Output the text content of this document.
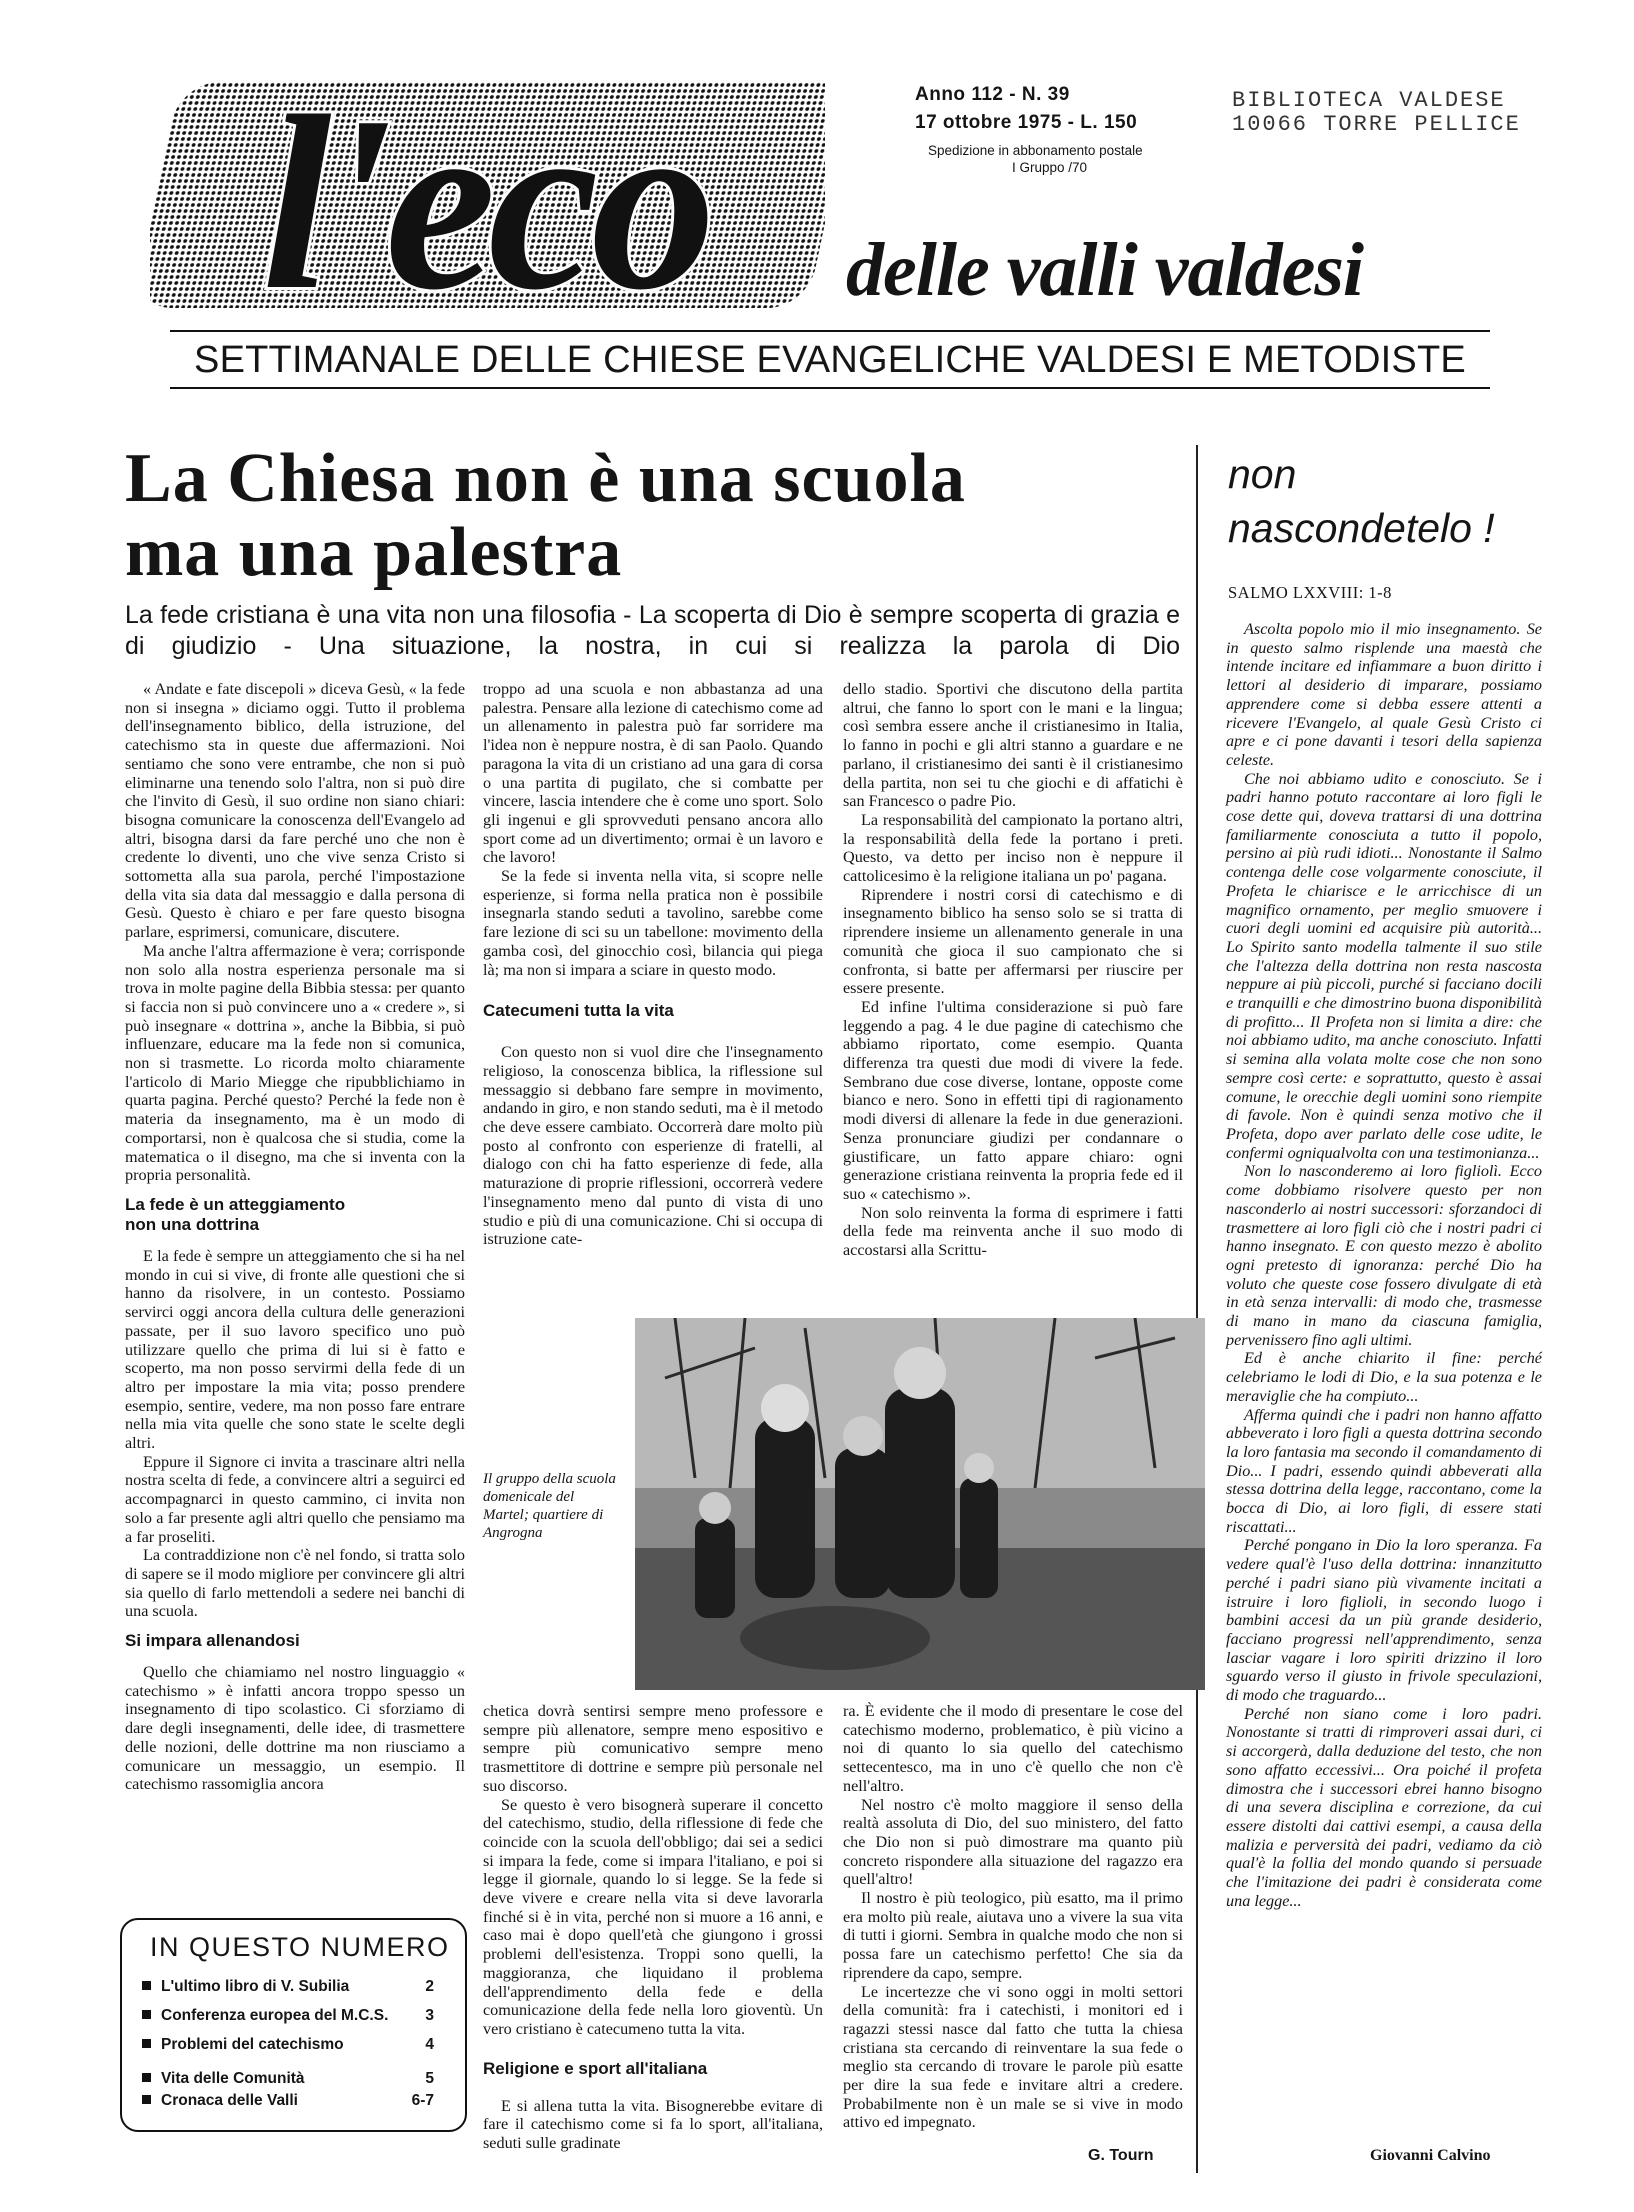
l'eco	Anno 112 - N. 39
17 ottobre 1975 - L. 150
Spedizione in abbonamento postale
I Gruppo /70
BIBLIOTECA VALDESE
10066 TORRE PELLICE
delle valli valdesi
SETTIMANALE DELLE CHIESE EVANGELICHE VALDESI E METODISTE
La Chiesa non è una scuola
ma una palestra
La fede cristiana è una vita non una filosofia - La scoperta di Dio è sempre scoperta di grazia e di giudizio - Una situazione, la nostra, in cui si realizza la parola di Dio

« Andate e fate discepoli » diceva Gesù, « la fede non si insegna » diciamo oggi. Tutto il problema dell'insegnamento biblico, della istruzione, del catechismo sta in queste due affermazioni. Noi sentiamo che sono vere entrambe, che non si può eliminarne una tenendo solo l'altra, non si può dire che l'invito di Gesù, il suo ordine non siano chiari: bisogna comunicare la conoscenza dell'Evangelo ad altri, bisogna darsi da fare perché uno che non è credente lo diventi, uno che vive senza Cristo si sottometta alla sua parola, perché l'impostazione della vita sia data dal messaggio e dalla persona di Gesù. Questo è chiaro e per fare questo bisogna parlare, esprimersi, comunicare, discutere.

Ma anche l'altra affermazione è vera; corrisponde non solo alla nostra esperienza personale ma si trova in molte pagine della Bibbia stessa: per quanto si faccia non si può convincere uno a « credere », si può insegnare « dottrina », anche la Bibbia, si può influenzare, educare ma la fede non si comunica, non si trasmette. Lo ricorda molto chiaramente l'articolo di Mario Miegge che ripubblichiamo in quarta pagina. Perché questo? Perché la fede non è materia da insegnamento, ma è un modo di comportarsi, non è qualcosa che si studia, come la matematica o il disegno, ma che si inventa con la propria personalità.

La fede è un atteggiamento
non una dottrina

E la fede è sempre un atteggiamento che si ha nel mondo in cui si vive, di fronte alle questioni che si hanno da risolvere, in un contesto. Possiamo servirci oggi ancora della cultura delle generazioni passate, per il suo lavoro specifico uno può utilizzare quello che prima di lui si è fatto e scoperto, ma non posso servirmi della fede di un altro per impostare la mia vita; posso prendere esempio, sentire, vedere, ma non posso fare entrare nella mia vita quelle che sono state le scelte degli altri.

Eppure il Signore ci invita a trascinare altri nella nostra scelta di fede, a convincere altri a seguirci ed accompagnarci in questo cammino, ci invita non solo a far presente agli altri quello che pensiamo ma a far proseliti.

La contraddizione non c'è nel fondo, si tratta solo di sapere se il modo migliore per convincere gli altri sia quello di farlo mettendoli a sedere nei banchi di una scuola.

Si impara allenandosi

Quello che chiamiamo nel nostro linguaggio « catechismo » è infatti ancora troppo spesso un insegnamento di tipo scolastico. Ci sforziamo di dare degli insegnamenti, delle idee, di trasmettere delle nozioni, delle dottrine ma non riusciamo a comunicare un messaggio, un esempio. Il catechismo rassomiglia ancora

troppo ad una scuola e non abbastanza ad una palestra. Pensare alla lezione di catechismo come ad un allenamento in palestra può far sorridere ma l'idea non è neppure nostra, è di san Paolo. Quando paragona la vita di un cristiano ad una gara di corsa o una partita di pugilato, che si combatte per vincere, lascia intendere che è come uno sport. Solo gli ingenui e gli sprovveduti pensano ancora allo sport come ad un divertimento; ormai è un lavoro e che lavoro!

Se la fede si inventa nella vita, si scopre nelle esperienze, si forma nella pratica non è possibile insegnarla stando seduti a tavolino, sarebbe come fare lezione di sci su un tabellone: movimento della gamba così, del ginocchio così, bilancia qui piega là; ma non si impara a sciare in questo modo.

Catecumeni tutta la vita

Con questo non si vuol dire che l'insegnamento religioso, la conoscenza biblica, la riflessione sul messaggio si debbano fare sempre in movimento, andando in giro, e non stando seduti, ma è il metodo che deve essere cambiato. Occorrerà dare molto più posto al confronto con esperienze di fratelli, al dialogo con chi ha fatto esperienze di fede, alla maturazione di proprie riflessioni, occorrerà vedere l'insegnamento meno dal punto di vista di uno studio e più di una comunicazione. Chi si occupa di istruzione cate-

dello stadio. Sportivi che discutono della partita altrui, che fanno lo sport con le mani e la lingua; così sembra essere anche il cristianesimo in Italia, lo fanno in pochi e gli altri stanno a guardare e ne parlano, il cristianesimo dei santi è il cristianesimo della partita, non sei tu che giochi e di affatichi è san Francesco o padre Pio.

La responsabilità del campionato la portano altri, la responsabilità della fede la portano i preti. Questo, va detto per inciso non è neppure il cattolicesimo è la religione italiana un po' pagana.

Riprendere i nostri corsi di catechismo e di insegnamento biblico ha senso solo se si tratta di riprendere insieme un allenamento generale in una comunità che gioca il suo campionato che si confronta, si batte per affermarsi per riuscire per essere presente.

Ed infine l'ultima considerazione si può fare leggendo a pag. 4 le due pagine di catechismo che abbiamo riportato, come esempio. Quanta differenza tra questi due modi di vivere la fede. Sembrano due cose diverse, lontane, opposte come bianco e nero. Sono in effetti tipi di ragionamento modi diversi di allenare la fede in due generazioni. Senza pronunciare giudizi per condannare o giustificare, un fatto appare chiaro: ogni generazione cristiana reinventa la propria fede ed il suo « catechismo ».

Non solo reinventa la forma di esprimere i fatti della fede ma reinventa anche il suo modo di accostarsi alla Scrittu-

Il gruppo della scuola domenicale del Martel; quartiere di Angrogna

chetica dovrà sentirsi sempre meno professore e sempre più allenatore, sempre meno espositivo e sempre più comunicativo sempre meno trasmettitore di dottrine e sempre più personale nel suo discorso.

Se questo è vero bisognerà superare il concetto del catechismo, studio, della riflessione di fede che coincide con la scuola dell'obbligo; dai sei a sedici si impara la fede, come si impara l'italiano, e poi si legge il giornale, quando lo si legge. Se la fede si deve vivere e creare nella vita si deve lavorarla finché si è in vita, perché non si muore a 16 anni, e caso mai è dopo quell'età che giungono i grossi problemi dell'esistenza. Troppi sono quelli, la maggioranza, che liquidano il problema dell'apprendimento della fede e della comunicazione della fede nella loro gioventù. Un vero cristiano è catecumeno tutta la vita.

Religione e sport all'italiana

E si allena tutta la vita. Bisognerebbe evitare di fare il catechismo come si fa lo sport, all'italiana, seduti sulle gradinate

ra. È evidente che il modo di presentare le cose del catechismo moderno, problematico, è più vicino a noi di quanto lo sia quello del catechismo settecentesco, ma in uno c'è quello che non c'è nell'altro.

Nel nostro c'è molto maggiore il senso della realtà assoluta di Dio, del suo ministero, del fatto che Dio non si può dimostrare ma quanto più concreto rispondere alla situazione del ragazzo era quell'altro!

Il nostro è più teologico, più esatto, ma il primo era molto più reale, aiutava uno a vivere la sua vita di tutti i giorni. Sembra in qualche modo che non si possa fare un catechismo perfetto! Che sia da riprendere da capo, sempre.

Le incertezze che vi sono oggi in molti settori della comunità: fra i catechisti, i monitori ed i ragazzi stessi nasce dal fatto che tutta la chiesa cristiana sta cercando di reinventare la sua fede o meglio sta cercando di trovare le parole più esatte per dire la sua fede e invitare altri a credere. Probabilmente non è un male se si vive in modo attivo ed impegnato.

G. Tourn
IN QUESTO NUMERO
L'ultimo libro di V. Subilia	2
Conferenza europea del M.C.S. 3
Problemi del catechismo	4
Vita delle Comunità	5
Cronaca delle Valli	6-7
non
nascondetelo !
SALMO LXXVIII: 1-8

Ascolta popolo mio il mio insegnamento. Se in questo salmo risplende una maestà che intende incitare ed infiammare a buon diritto i lettori al desiderio di imparare, possiamo apprendere come si debba essere attenti a ricevere l'Evangelo, al quale Gesù Cristo ci apre e ci pone davanti i tesori della sapienza celeste.

Che noi abbiamo udito e conosciuto. Se i padri hanno potuto raccontare ai loro figli le cose dette qui, doveva trattarsi di una dottrina familiarmente conosciuta a tutto il popolo, persino ai più rudi idioti... Nonostante il Salmo contenga delle cose volgarmente conosciute, il Profeta le chiarisce e le arricchisce di un magnifico ornamento, per meglio smuovere i cuori degli uomini ed acquisire più autorità... Lo Spirito santo modella talmente il suo stile che l'altezza della dottrina non resta nascosta neppure ai più piccoli, purché si facciano docili e tranquilli e che dimostrino buona disponibilità di profitto... Il Profeta non si limita a dire: che noi abbiamo udito, ma anche conosciuto. Infatti si semina alla volata molte cose che non sono sempre così certe: e soprattutto, questo è assai comune, le orecchie degli uomini sono riempite di favole. Non è quindi senza motivo che il Profeta, dopo aver parlato delle cose udite, le confermi ogniqualvolta con una testimonianza...

Non lo nasconderemo ai loro figliolì. Ecco come dobbiamo risolvere questo per non nasconderlo ai nostri successori: sforzandoci di trasmettere ai loro figli ciò che i nostri padri ci hanno insegnato. E con questo mezzo è abolito ogni pretesto di ignoranza: perché Dio ha voluto che queste cose fossero divulgate di età in età senza intervalli: di modo che, trasmesse di mano in mano da ciascuna famiglia, pervenissero fino agli ultimi.

Ed è anche chiarito il fine: perché celebriamo le lodi di Dio, e la sua potenza e le meraviglie che ha compiuto...

Afferma quindi che i padri non hanno affatto abbeverato i loro figli a questa dottrina secondo la loro fantasia ma secondo il comandamento di Dio... I padri, essendo quindi abbeverati alla stessa dottrina della legge, raccontano, come la bocca di Dio, ai loro figli, di essere stati riscattati...

Perché pongano in Dio la loro speranza. Fa vedere qual'è l'uso della dottrina: innanzitutto perché i padri siano più vivamente incitati a istruire i loro figlioli, in secondo luogo i bambini accesi da un più grande desiderio, facciano progressi nell'apprendimento, senza lasciar vagare i loro spiriti drizzino il loro sguardo verso il giusto in frivole speculazioni, di modo che traguardo...

Perché non siano come i loro padri. Nonostante si tratti di rimproveri assai duri, ci si accorgerà, dalla deduzione del testo, che non sono affatto eccessivi... Ora poiché il profeta dimostra che i successori ebrei hanno bisogno di una severa disciplina e correzione, da cui essere distolti dai cattivi esempi, a causa della malizia e perversità dei padri, vediamo da ciò qual'è la follia del mondo quando si persuade che l'imitazione dei padri è considerata come una legge...

Giovanni Calvino
